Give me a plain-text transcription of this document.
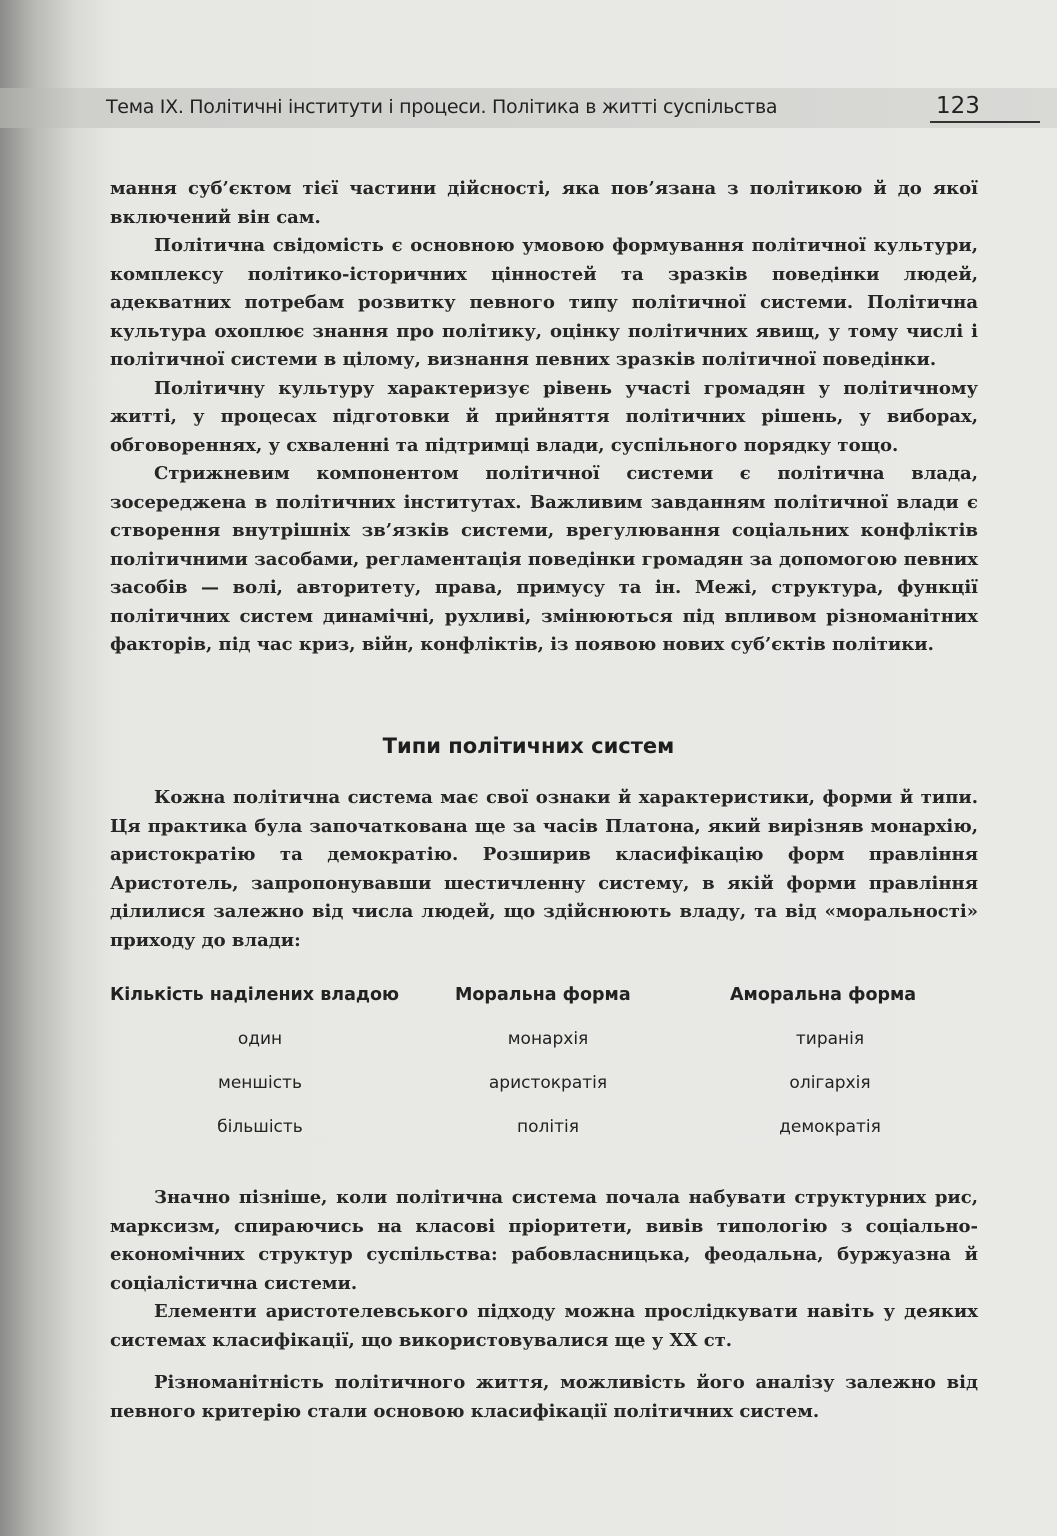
Тема IX. Політичні інститути і процеси. Політика в житті суспільства	123

мання суб’єктом тієї частини дійсності, яка пов’язана з політикою й до якої включений він сам.

Політична свідомість є основною умовою формування політичної культури, комплексу політико-історичних цінностей та зразків поведінки людей, адекватних потребам розвитку певного типу політичної системи. Політична культура охоплює знання про політику, оцінку політичних явищ, у тому числі і політичної системи в цілому, визнання певних зразків політичної поведінки.

Політичну культуру характеризує рівень участі громадян у політичному житті, у процесах підготовки й прийняття політичних рішень, у виборах, обговореннях, у схваленні та підтримці влади, суспільного порядку тощо.

Стрижневим компонентом політичної системи є політична влада, зосереджена в політичних інститутах. Важливим завданням політичної влади є створення внутрішніх зв’язків системи, врегулювання соціальних конфліктів політичними засобами, регламентація поведінки громадян за допомогою певних засобів — волі, авторитету, права, примусу та ін. Межі, структура, функції політичних систем динамічні, рухливі, змінюються під впливом різноманітних факторів, під час криз, війн, конфліктів, із появою нових суб’єктів політики.

Типи політичних систем

Кожна політична система має свої ознаки й характеристики, форми й типи. Ця практика була започаткована ще за часів Платона, який вирізняв монархію, аристократію та демократію. Розширив класифікацію форм правління Аристотель, запропонувавши шестичленну систему, в якій форми правління ділилися залежно від числа людей, що здійснюють владу, та від «моральності» приходу до влади:

Кількість наділених владою	Моральна форма	Аморальна форма
один	монархія	тиранія
меншість	аристократія	олігархія
більшість	політія	демократія

Значно пізніше, коли політична система почала набувати структурних рис, марксизм, спираючись на класові пріоритети, вивів типологію з соціально-економічних структур суспільства: рабовласницька, феодальна, буржуазна й соціалістична системи.

Елементи аристотелевського підходу можна прослідкувати навіть у деяких системах класифікації, що використовувалися ще у ХХ ст.

Різноманітність політичного життя, можливість його аналізу залежно від певного критерію стали основою класифікації політичних систем.
